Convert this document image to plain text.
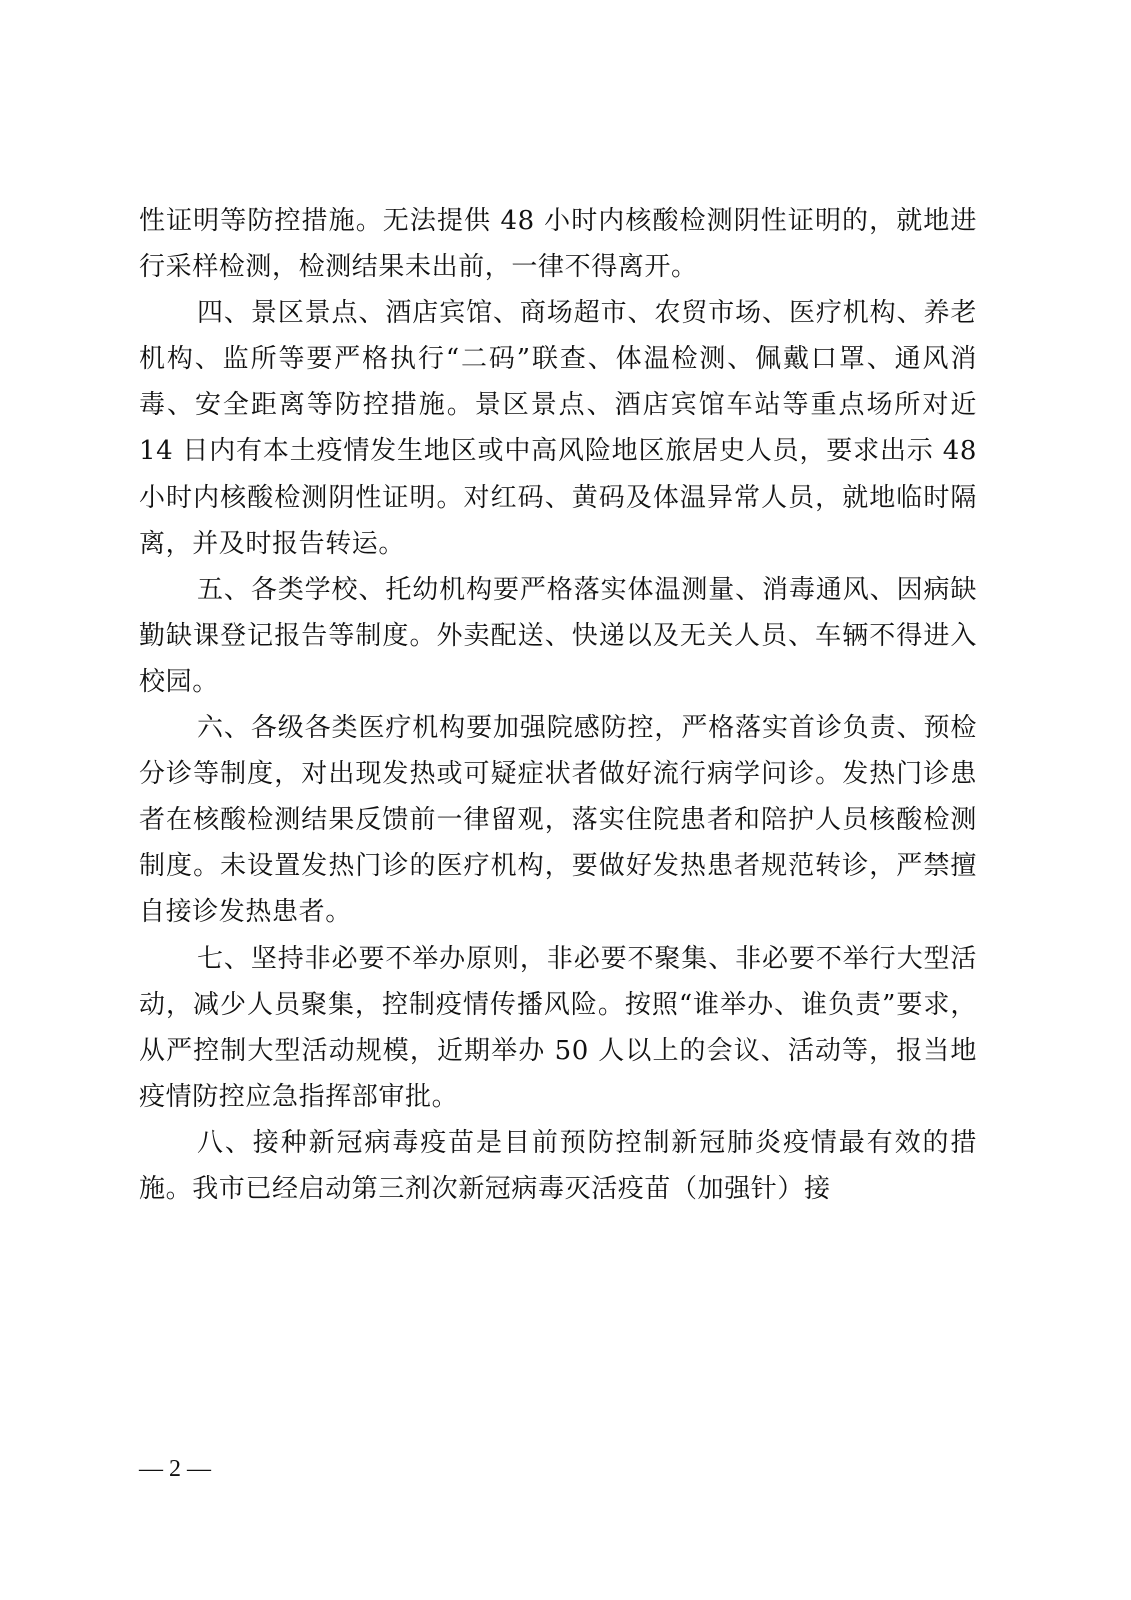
性证明等防控措施。无法提供 48 小时内核酸检测阴性证明的，就地进行采样检测，检测结果未出前，一律不得离开。

四、景区景点、酒店宾馆、商场超市、农贸市场、医疗机构、养老机构、监所等要严格执行“二码”联查、体温检测、佩戴口罩、通风消毒、安全距离等防控措施。景区景点、酒店宾馆车站等重点场所对近 14 日内有本土疫情发生地区或中高风险地区旅居史人员，要求出示 48 小时内核酸检测阴性证明。对红码、黄码及体温异常人员，就地临时隔离，并及时报告转运。

五、各类学校、托幼机构要严格落实体温测量、消毒通风、因病缺勤缺课登记报告等制度。外卖配送、快递以及无关人员、车辆不得进入校园。

六、各级各类医疗机构要加强院感防控，严格落实首诊负责、预检分诊等制度，对出现发热或可疑症状者做好流行病学问诊。发热门诊患者在核酸检测结果反馈前一律留观，落实住院患者和陪护人员核酸检测制度。未设置发热门诊的医疗机构，要做好发热患者规范转诊，严禁擅自接诊发热患者。

七、坚持非必要不举办原则，非必要不聚集、非必要不举行大型活动，减少人员聚集，控制疫情传播风险。按照“谁举办、谁负责”要求，从严控制大型活动规模，近期举办 50 人以上的会议、活动等，报当地疫情防控应急指挥部审批。

八、接种新冠病毒疫苗是目前预防控制新冠肺炎疫情最有效的措施。我市已经启动第三剂次新冠病毒灭活疫苗（加强针）接

— 2 —
